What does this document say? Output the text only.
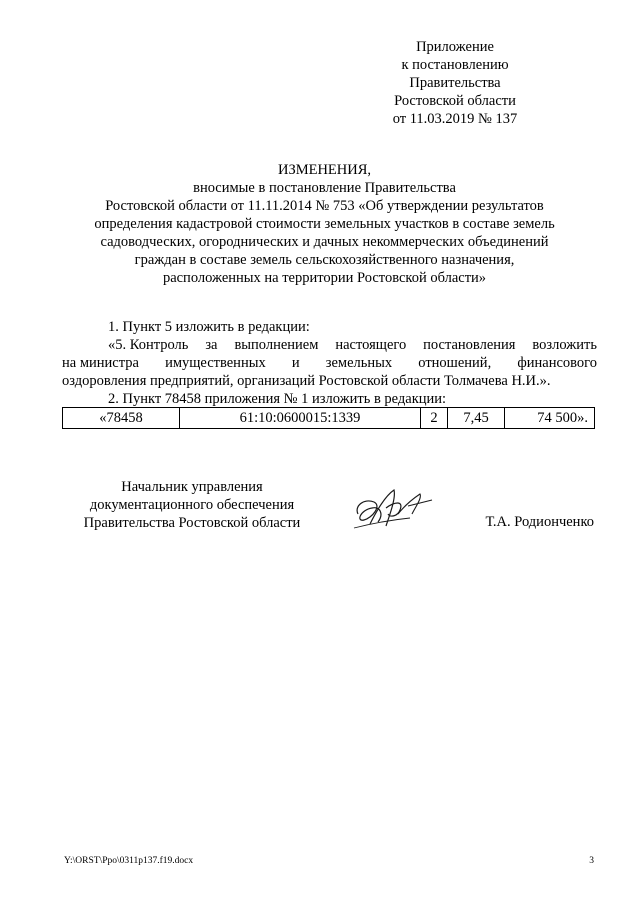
Приложение
к постановлению
Правительства
Ростовской области
от 11.03.2019 № 137
ИЗМЕНЕНИЯ,
вносимые в постановление Правительства
Ростовской области от 11.11.2014 № 753 «Об утверждении результатов
определения кадастровой стоимости земельных участков в составе земель
садоводческих, огороднических и дачных некоммерческих объединений
граждан в составе земель сельскохозяйственного назначения,
расположенных на территории Ростовской области»
1. Пункт 5 изложить в редакции:
«5. Контроль за выполнением настоящего постановления возложить
на министра имущественных и земельных отношений, финансового
оздоровления предприятий, организаций Ростовской области Толмачева Н.И.».
2. Пункт 78458 приложения № 1 изложить в редакции:
«78458	61:10:0600015:1339	2	7,45	74 500».
Начальник управления
документационного обеспечения
Правительства Ростовской области	Т.А. Родионченко
Y:\ORST\Ppo\0311p137.f19.docx	3
